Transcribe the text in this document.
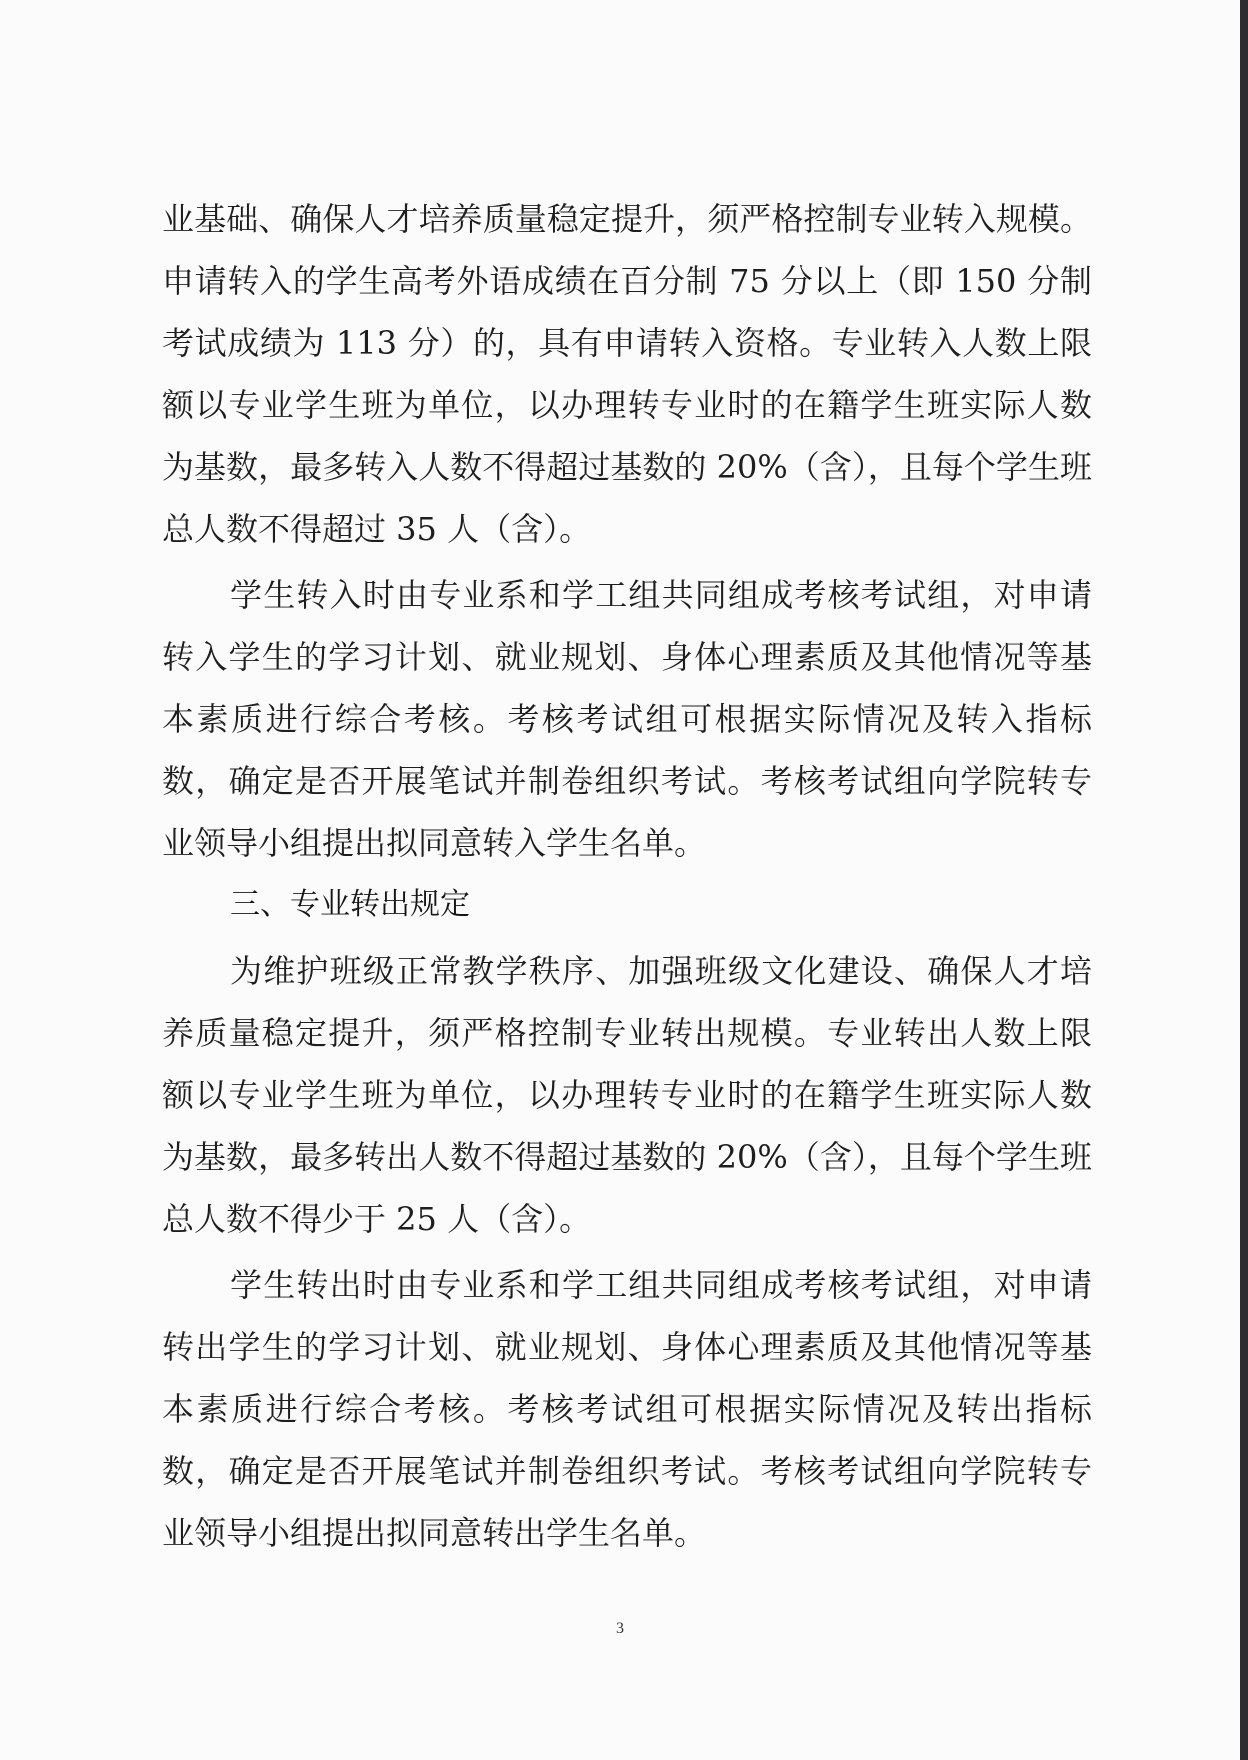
业基础、确保人才培养质量稳定提升，须严格控制专业转入规模。
申请转入的学生高考外语成绩在百分制 75 分以上（即 150 分制
考试成绩为 113 分）的，具有申请转入资格。专业转入人数上限
额以专业学生班为单位，以办理转专业时的在籍学生班实际人数
为基数，最多转入人数不得超过基数的 20%（含），且每个学生班
总人数不得超过 35 人（含）。
学生转入时由专业系和学工组共同组成考核考试组，对申请
转入学生的学习计划、就业规划、身体心理素质及其他情况等基
本素质进行综合考核。考核考试组可根据实际情况及转入指标
数，确定是否开展笔试并制卷组织考试。考核考试组向学院转专
业领导小组提出拟同意转入学生名单。
三、专业转出规定
为维护班级正常教学秩序、加强班级文化建设、确保人才培
养质量稳定提升，须严格控制专业转出规模。专业转出人数上限
额以专业学生班为单位，以办理转专业时的在籍学生班实际人数
为基数，最多转出人数不得超过基数的 20%（含），且每个学生班
总人数不得少于 25 人（含）。
学生转出时由专业系和学工组共同组成考核考试组，对申请
转出学生的学习计划、就业规划、身体心理素质及其他情况等基
本素质进行综合考核。考核考试组可根据实际情况及转出指标
数，确定是否开展笔试并制卷组织考试。考核考试组向学院转专
业领导小组提出拟同意转出学生名单。
3
